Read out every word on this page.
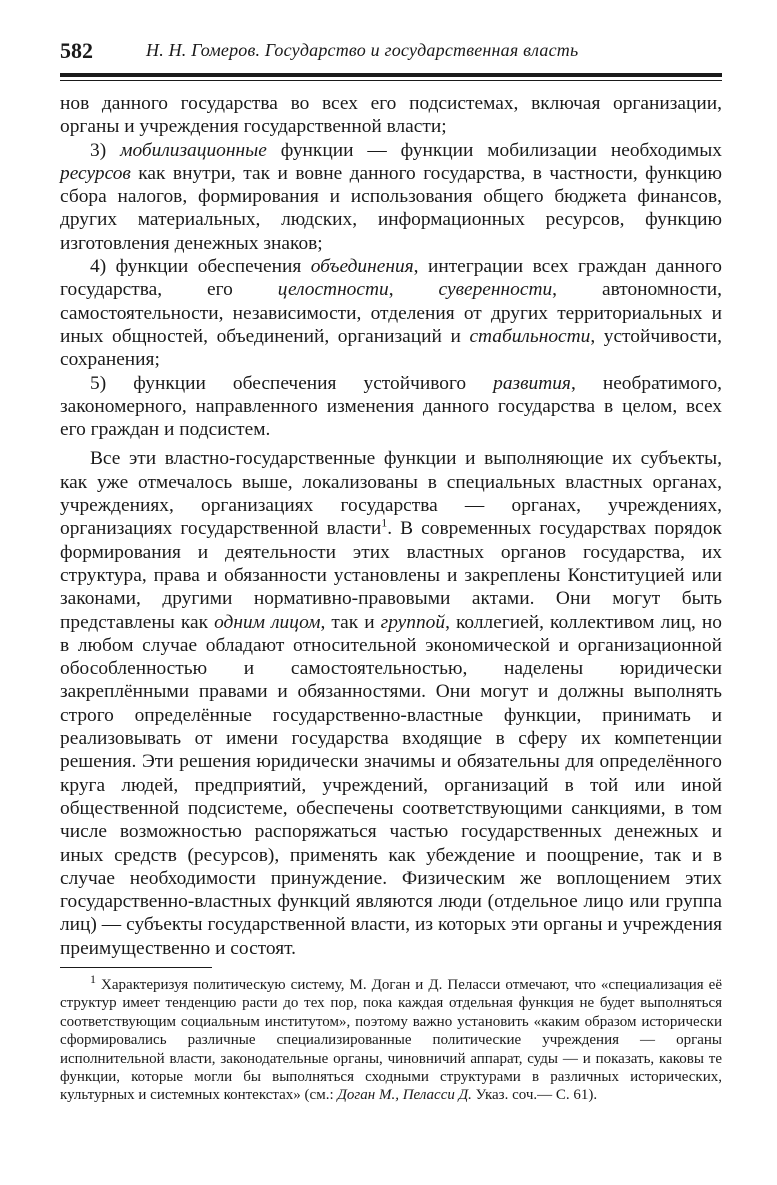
582	Н. Н. Гомеров. Государство и государственная власть

нов данного государства во всех его подсистемах, включая организации, органы и учреждения государственной власти;

3) мобилизационные функции — функции мобилизации необходимых ресурсов как внутри, так и вовне данного государства, в частности, функцию сбора налогов, формирования и использования общего бюджета финансов, других материальных, людских, информационных ресурсов, функцию изготовления денежных знаков;

4) функции обеспечения объединения, интеграции всех граждан данного государства, его целостности, суверенности, автономности, самостоятельности, независимости, отделения от других территориальных и иных общностей, объединений, организаций и стабильности, устойчивости, сохранения;

5) функции обеспечения устойчивого развития, необратимого, закономерного, направленного изменения данного государства в целом, всех его граждан и подсистем.

Все эти властно-государственные функции и выполняющие их субъекты, как уже отмечалось выше, локализованы в специальных властных органах, учреждениях, организациях государства — органах, учреждениях, организациях государственной власти$^1$. В современных государствах порядок формирования и деятельности этих властных органов государства, их структура, права и обязанности установлены и закреплены Конституцией или законами, другими нормативно-правовыми актами. Они могут быть представлены как одним лицом, так и группой, коллегией, коллективом лиц, но в любом случае обладают относительной экономической и организационной обособленностью и самостоятельностью, наделены юридически закреплёнными правами и обязанностями. Они могут и должны выполнять строго определённые государственно-властные функции, принимать и реализовывать от имени государства входящие в сферу их компетенции решения. Эти решения юридически значимы и обязательны для определённого круга людей, предприятий, учреждений, организаций в той или иной общественной подсистеме, обеспечены соответствующими санкциями, в том числе возможностью распоряжаться частью государственных денежных и иных средств (ресурсов), применять как убеждение и поощрение, так и в случае необходимости принуждение. Физическим же воплощением этих государственно-властных функций являются люди (отдельное лицо или группа лиц) — субъекты государственной власти, из которых эти органы и учреждения преимущественно и состоят.

$^1$ Характеризуя политическую систему, М. Доган и Д. Пеласси отмечают, что «специализация её структур имеет тенденцию расти до тех пор, пока каждая отдельная функция не будет выполняться соответствующим социальным институтом», поэтому важно установить «каким образом исторически сформировались различные специализированные политические учреждения — органы исполнительной власти, законодательные органы, чиновничий аппарат, суды — и показать, каковы те функции, которые могли бы выполняться сходными структурами в различных исторических, культурных и системных контекстах» (см.: Доган М., Пеласси Д. Указ. соч.— С. 61).
